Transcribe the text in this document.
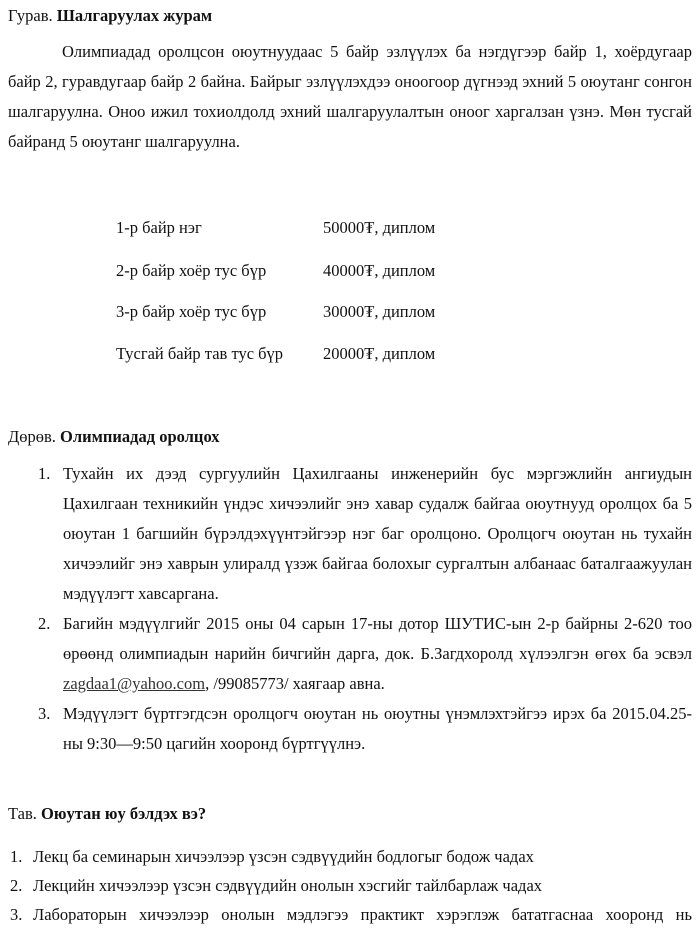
Гурав. Шалгаруулах журам
Олимпиадад оролцсон оюутнуудаас 5 байр эзлүүлэх ба нэгдүгээр байр 1, хоёрдугаар байр 2, гуравдугаар байр 2 байна. Байрыг эзлүүлэхдээ оноогоор дүгнээд эхний 5 оюутанг сонгон шалгаруулна. Оноо ижил тохиолдолд эхний шалгаруулалтын оноог харгалзан үзнэ. Мөн тусгай байранд 5 оюутанг шалгаруулна.
1-р байр нэг	50000₮, диплом
2-р байр хоёр тус бүр	40000₮, диплом
3-р байр хоёр тус бүр	30000₮, диплом
Тусгай байр тав тус бүр 20000₮, диплом
Дөрөв. Олимпиадад оролцох
1. Тухайн их дээд сургуулийн Цахилгааны инженерийн бус мэргэжлийн ангиудын Цахилгаан техникийн үндэс хичээлийг энэ хавар судалж байгаа оюутнууд оролцох ба 5 оюутан 1 багшийн бүрэлдэхүүнтэйгээр нэг баг оролцоно. Оролцогч оюутан нь тухайн хичээлийг энэ хаврын улиралд үзэж байгаа болохыг сургалтын албанаас баталгаажуулан мэдүүлэгт хавсаргана.
2. Багийн мэдүүлгийг 2015 оны 04 сарын 17-ны дотор ШУТИС-ын 2-р байрны 2-620 тоо өрөөнд олимпиадын нарийн бичгийн дарга, док. Б.Загдхоролд хүлээлгэн өгөх ба эсвэл zagdaa1@yahoo.com, /99085773/ хаягаар авна.
3. Мэдүүлэгт бүртгэгдсэн оролцогч оюутан нь оюутны үнэмлэхтэйгээ ирэх ба 2015.04.25-ны 9:30—9:50 цагийн хооронд бүртгүүлнэ.
Тав. Оюутан юу бэлдэх вэ?
1. Лекц ба семинарын хичээлээр үзсэн сэдвүүдийн бодлогыг бодож чадах
2. Лекцийн хичээлээр үзсэн сэдвүүдийн онолын хэсгийг тайлбарлаж чадах
3. Лабораторын хичээлээр онолын мэдлэгээ практикт хэрэглэж бататгаснаа хооронд нь
